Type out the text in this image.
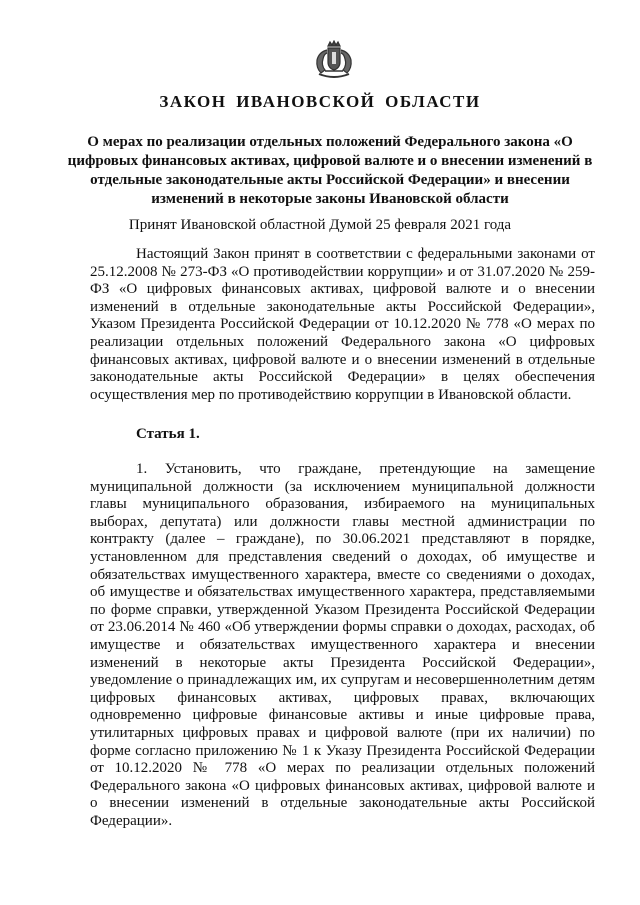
ЗАКОН ИВАНОВСКОЙ ОБЛАСТИ
О мерах по реализации отдельных положений Федерального закона «О цифровых финансовых активах, цифровой валюте и о внесении изменений в отдельные законодательные акты Российской Федерации» и внесении изменений в некоторые законы Ивановской области
Принят Ивановской областной Думой 25 февраля 2021 года
Настоящий Закон принят в соответствии с федеральными законами от 25.12.2008 № 273-ФЗ «О противодействии коррупции» и от 31.07.2020 № 259-ФЗ «О цифровых финансовых активах, цифровой валюте и о внесении изменений в отдельные законодательные акты Российской Федерации», Указом Президента Российской Федерации от 10.12.2020 № 778 «О мерах по реализации отдельных положений Федерального закона «О цифровых финансовых активах, цифровой валюте и о внесении изменений в отдельные законодательные акты Российской Федерации» в целях обеспечения осуществления мер по противодействию коррупции в Ивановской области.
Статья 1.
1. Установить, что граждане, претендующие на замещение муниципальной должности (за исключением муниципальной должности главы муниципального образования, избираемого на муниципальных выборах, депутата) или должности главы местной администрации по контракту (далее – граждане), по 30.06.2021 представляют в порядке, установленном для представления сведений о доходах, об имуществе и обязательствах имущественного характера, вместе со сведениями о доходах, об имуществе и обязательствах имущественного характера, представляемыми по форме справки, утвержденной Указом Президента Российской Федерации от 23.06.2014 № 460 «Об утверждении формы справки о доходах, расходах, об имуществе и обязательствах имущественного характера и внесении изменений в некоторые акты Президента Российской Федерации», уведомление о принадлежащих им, их супругам и несовершеннолетним детям цифровых финансовых активах, цифровых правах, включающих одновременно цифровые финансовые активы и иные цифровые права, утилитарных цифровых правах и цифровой валюте (при их наличии) по форме согласно приложению № 1 к Указу Президента Российской Федерации от 10.12.2020 № 778 «О мерах по реализации отдельных положений Федерального закона «О цифровых финансовых активах, цифровой валюте и о внесении изменений в отдельные законодательные акты Российской Федерации».
